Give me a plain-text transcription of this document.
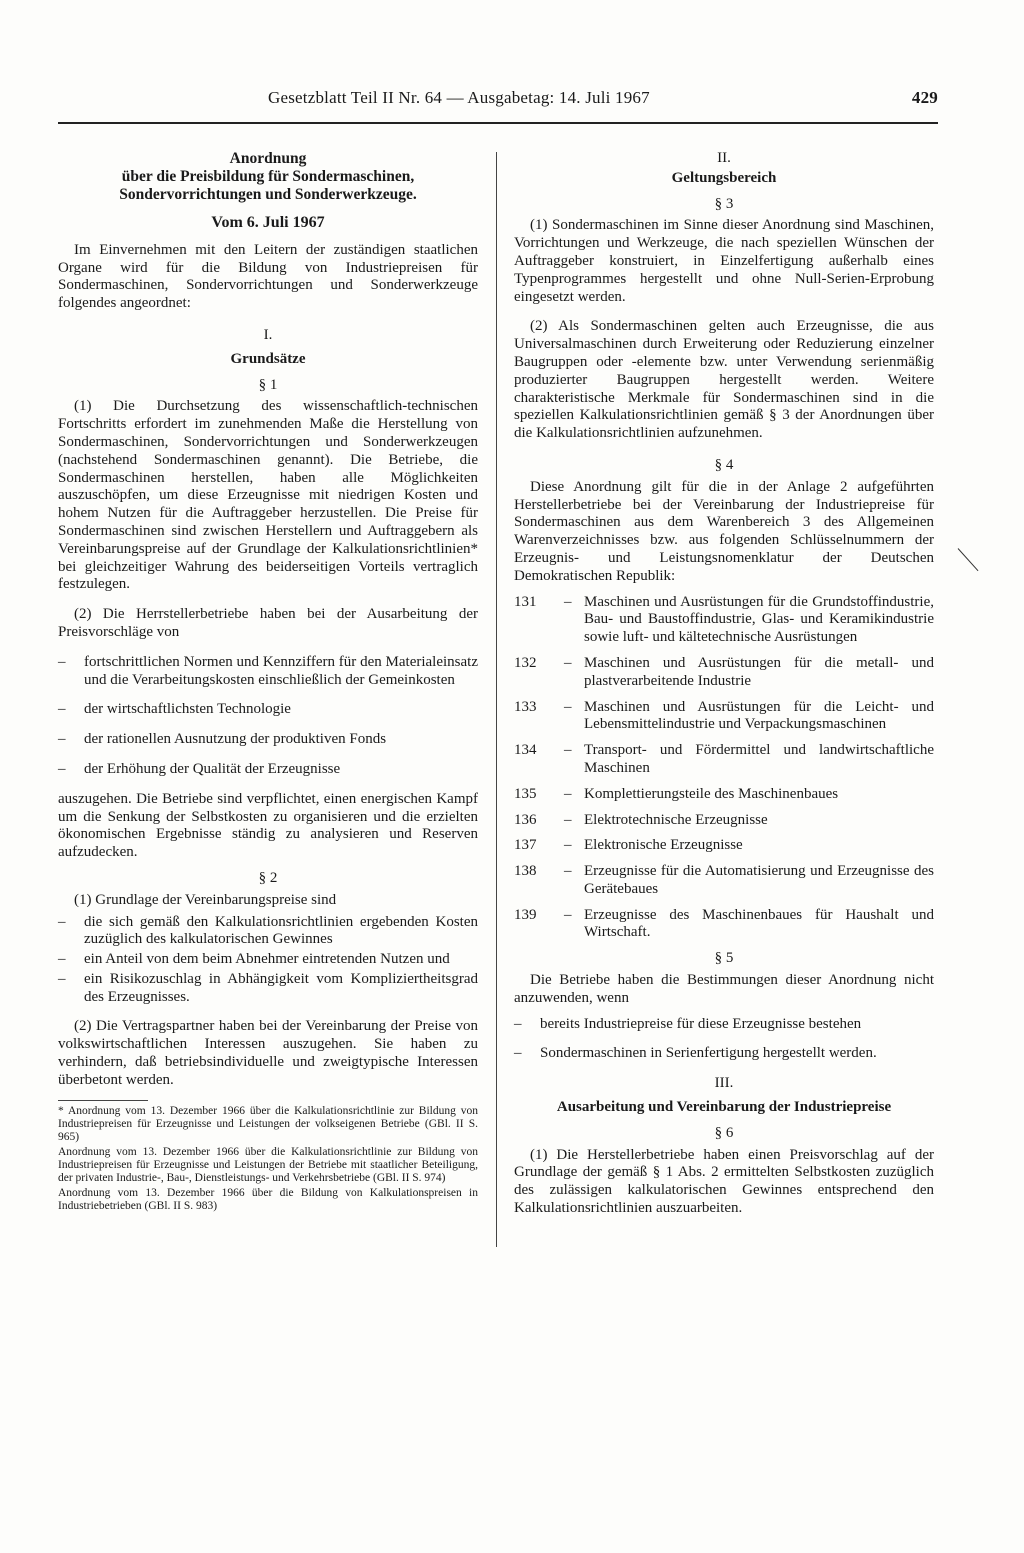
Gesetzblatt Teil II Nr. 64 — Ausgabetag: 14. Juli 1967	429

Anordnung

über die Preisbildung für Sondermaschinen,

Sondervorrichtungen und Sonderwerkzeuge.

Vom 6. Juli 1967

Im Einvernehmen mit den Leitern der zuständigen staatlichen Organe wird für die Bildung von Industriepreisen für Sondermaschinen, Sondervorrichtungen und Sonderwerkzeuge folgendes angeordnet:

I.

Grundsätze

§ 1

(1) Die Durchsetzung des wissenschaftlich-technischen Fortschritts erfordert im zunehmenden Maße die Herstellung von Sondermaschinen, Sondervorrichtungen und Sonderwerkzeugen (nachstehend Sondermaschinen genannt). Die Betriebe, die Sondermaschinen herstellen, haben alle Möglichkeiten auszuschöpfen, um diese Erzeugnisse mit niedrigen Kosten und hohem Nutzen für die Auftraggeber herzustellen. Die Preise für Sondermaschinen sind zwischen Herstellern und Auftraggebern als Vereinbarungspreise auf der Grundlage der Kalkulationsrichtlinien* bei gleichzeitiger Wahrung des beiderseitigen Vorteils vertraglich festzulegen.

(2) Die Herrstellerbetriebe haben bei der Ausarbeitung der Preisvorschläge von

– fortschrittlichen Normen und Kennziffern für den Materialeinsatz und die Verarbeitungskosten einschließlich der Gemeinkosten
– der wirtschaftlichsten Technologie
– der rationellen Ausnutzung der produktiven Fonds
– der Erhöhung der Qualität der Erzeugnisse

auszugehen. Die Betriebe sind verpflichtet, einen energischen Kampf um die Senkung der Selbstkosten zu organisieren und die erzielten ökonomischen Ergebnisse ständig zu analysieren und Reserven aufzudecken.

§ 2

(1) Grundlage der Vereinbarungspreise sind

– die sich gemäß den Kalkulationsrichtlinien ergebenden Kosten zuzüglich des kalkulatorischen Gewinnes
– ein Anteil von dem beim Abnehmer eintretenden Nutzen und
– ein Risikozuschlag in Abhängigkeit vom Kompliziertheitsgrad des Erzeugnisses.

(2) Die Vertragspartner haben bei der Vereinbarung der Preise von volkswirtschaftlichen Interessen auszugehen. Sie haben zu verhindern, daß betriebsindividuelle und zweigtypische Interessen überbetont werden.

* Anordnung vom 13. Dezember 1966 über die Kalkulationsrichtlinie zur Bildung von Industriepreisen für Erzeugnisse und Leistungen der volkseigenen Betriebe (GBl. II S. 965)

Anordnung vom 13. Dezember 1966 über die Kalkulationsrichtlinie zur Bildung von Industriepreisen für Erzeugnisse und Leistungen der Betriebe mit staatlicher Beteiligung, der privaten Industrie-, Bau-, Dienstleistungs- und Verkehrsbetriebe (GBl. II S. 974)

Anordnung vom 13. Dezember 1966 über die Bildung von Kalkulationspreisen in Industriebetrieben (GBl. II S. 983)

II.

Geltungsbereich

§ 3

(1) Sondermaschinen im Sinne dieser Anordnung sind Maschinen, Vorrichtungen und Werkzeuge, die nach speziellen Wünschen der Auftraggeber konstruiert, in Einzelfertigung außerhalb eines Typenprogrammes hergestellt und ohne Null-Serien-Erprobung eingesetzt werden.

(2) Als Sondermaschinen gelten auch Erzeugnisse, die aus Universalmaschinen durch Erweiterung oder Reduzierung einzelner Baugruppen oder -elemente bzw. unter Verwendung serienmäßig produzierter Baugruppen hergestellt werden. Weitere charakteristische Merkmale für Sondermaschinen sind in die speziellen Kalkulationsrichtlinien gemäß § 3 der Anordnungen über die Kalkulationsrichtlinien aufzunehmen.

§ 4

Diese Anordnung gilt für die in der Anlage 2 aufgeführten Herstellerbetriebe bei der Vereinbarung der Industriepreise für Sondermaschinen aus dem Warenbereich 3 des Allgemeinen Warenverzeichnisses bzw. aus folgenden Schlüsselnummern der Erzeugnis- und Leistungsnomenklatur der Deutschen Demokratischen Republik:

131	– Maschinen und Ausrüstungen für die Grundstoffindustrie, Bau- und Baustoffindustrie, Glas- und Keramikindustrie sowie luft- und kältetechnische Ausrüstungen
132	– Maschinen und Ausrüstungen für die metall- und plastverarbeitende Industrie
133	– Maschinen und Ausrüstungen für die Leicht- und Lebensmittelindustrie und Verpackungsmaschinen
134	– Transport- und Fördermittel und landwirtschaftliche Maschinen
135	– Komplettierungsteile des Maschinenbaues
136	– Elektrotechnische Erzeugnisse
137	– Elektronische Erzeugnisse
138	– Erzeugnisse für die Automatisierung und Erzeugnisse des Gerätebaues
139	– Erzeugnisse des Maschinenbaues für Haushalt und Wirtschaft.

§ 5

Die Betriebe haben die Bestimmungen dieser Anordnung nicht anzuwenden, wenn

– bereits Industriepreise für diese Erzeugnisse bestehen
– Sondermaschinen in Serienfertigung hergestellt werden.

III.

Ausarbeitung und Vereinbarung der Industriepreise

§ 6

(1) Die Herstellerbetriebe haben einen Preisvorschlag auf der Grundlage der gemäß § 1 Abs. 2 ermittelten Selbstkosten zuzüglich des zulässigen kalkulatorischen Gewinnes entsprechend den Kalkulationsrichtlinien auszuarbeiten.
